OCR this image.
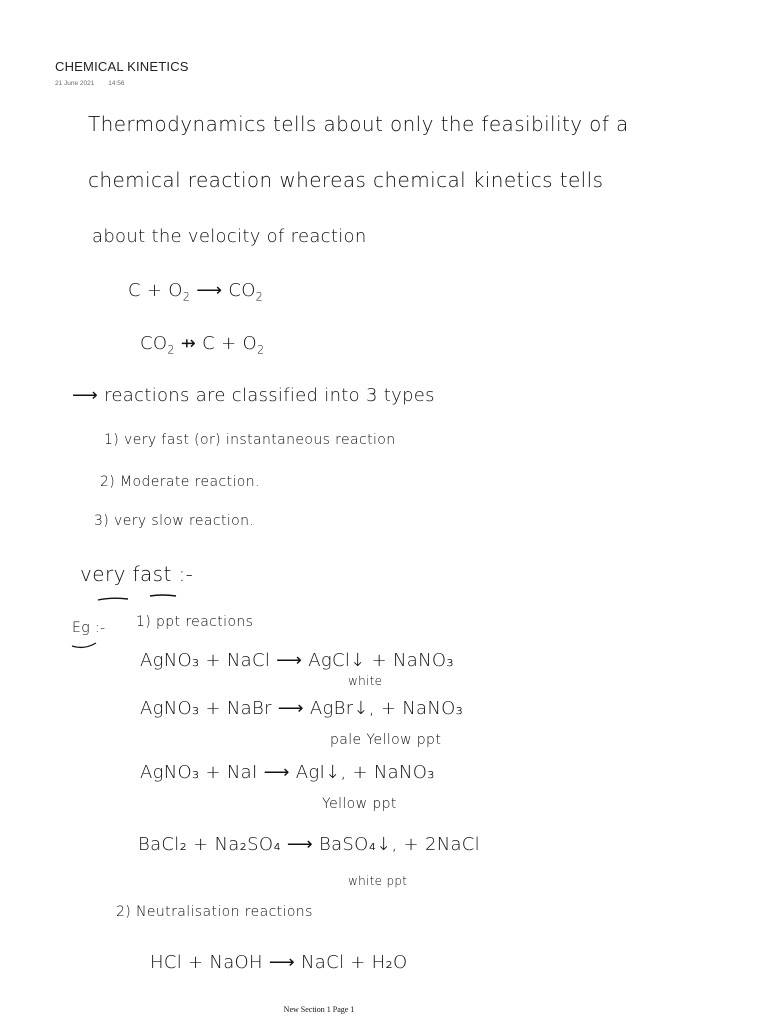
CHEMICAL KINETICS
21 June 2021 14:56
Thermodynamics tells about only the feasibility of a
chemical reaction whereas chemical kinetics tells
about the velocity of reaction
$C + O_2$ ⟶ $CO_2$
$CO_2$ ⇸ $C + O_2$
⟶ reactions are classified into 3 types
1) very fast (or) instantaneous reaction
2) Moderate reaction.
3) very slow reaction.
very fast :-
Eg :- 1) ppt reactions
AgNO₃ + NaCl ⟶ AgCl↓ + NaNO₃
white
AgNO₃ + NaBr ⟶ AgBr↓, + NaNO₃
pale Yellow ppt
AgNO₃ + NaI ⟶ AgI↓, + NaNO₃
Yellow ppt
BaCl₂ + Na₂SO₄ ⟶ BaSO₄↓, + 2NaCl
white ppt
2) Neutralisation reactions
HCl + NaOH ⟶ NaCl + H₂O
New Section 1 Page 1
